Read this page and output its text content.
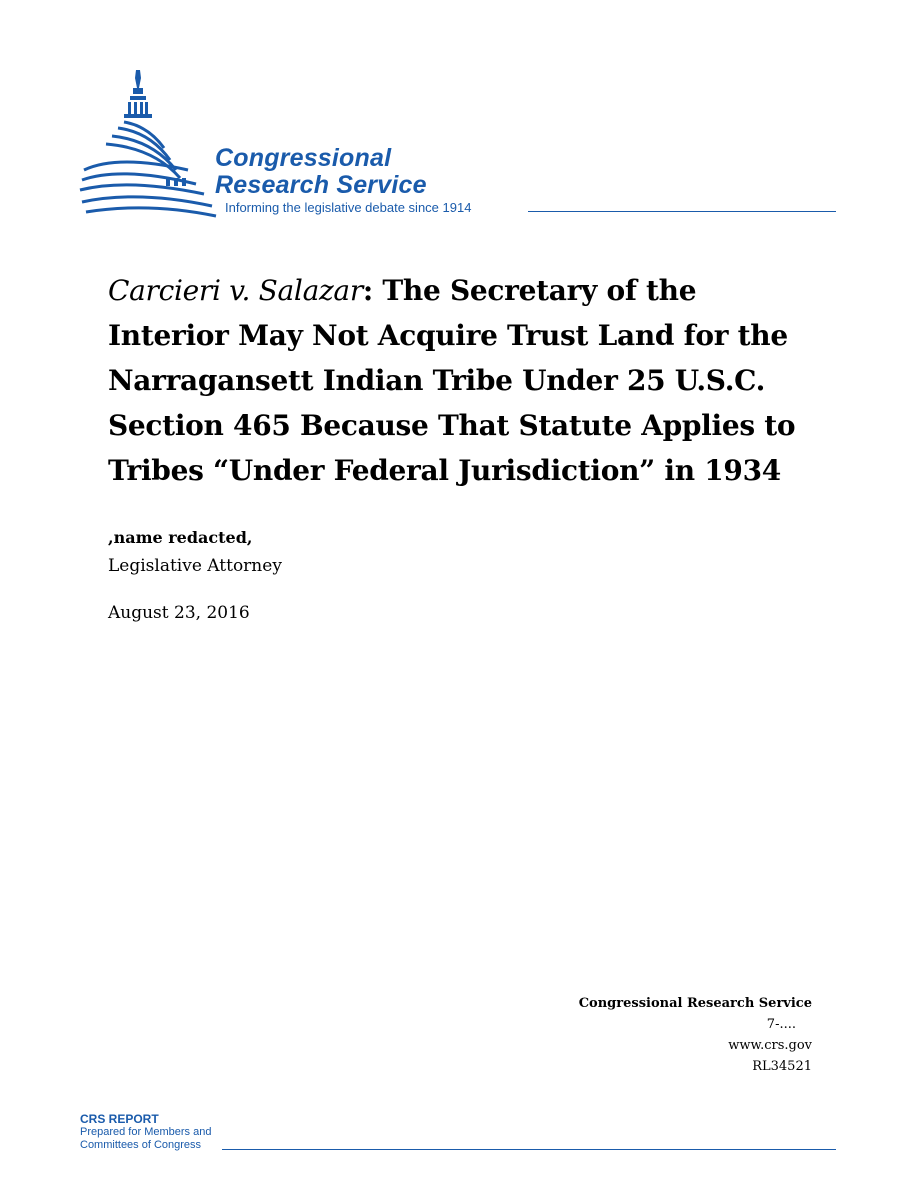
Congressional
Research Service
Informing the legislative debate since 1914
Carcieri v. Salazar: The Secretary of the Interior May Not Acquire Trust Land for the Narragansett Indian Tribe Under 25 U.S.C. Section 465 Because That Statute Applies to Tribes “Under Federal Jurisdiction” in 1934
,name redacted,
Legislative Attorney
August 23, 2016
Congressional Research Service
7-....
www.crs.gov
RL34521
CRS REPORT
Prepared for Members and
Committees of Congress
